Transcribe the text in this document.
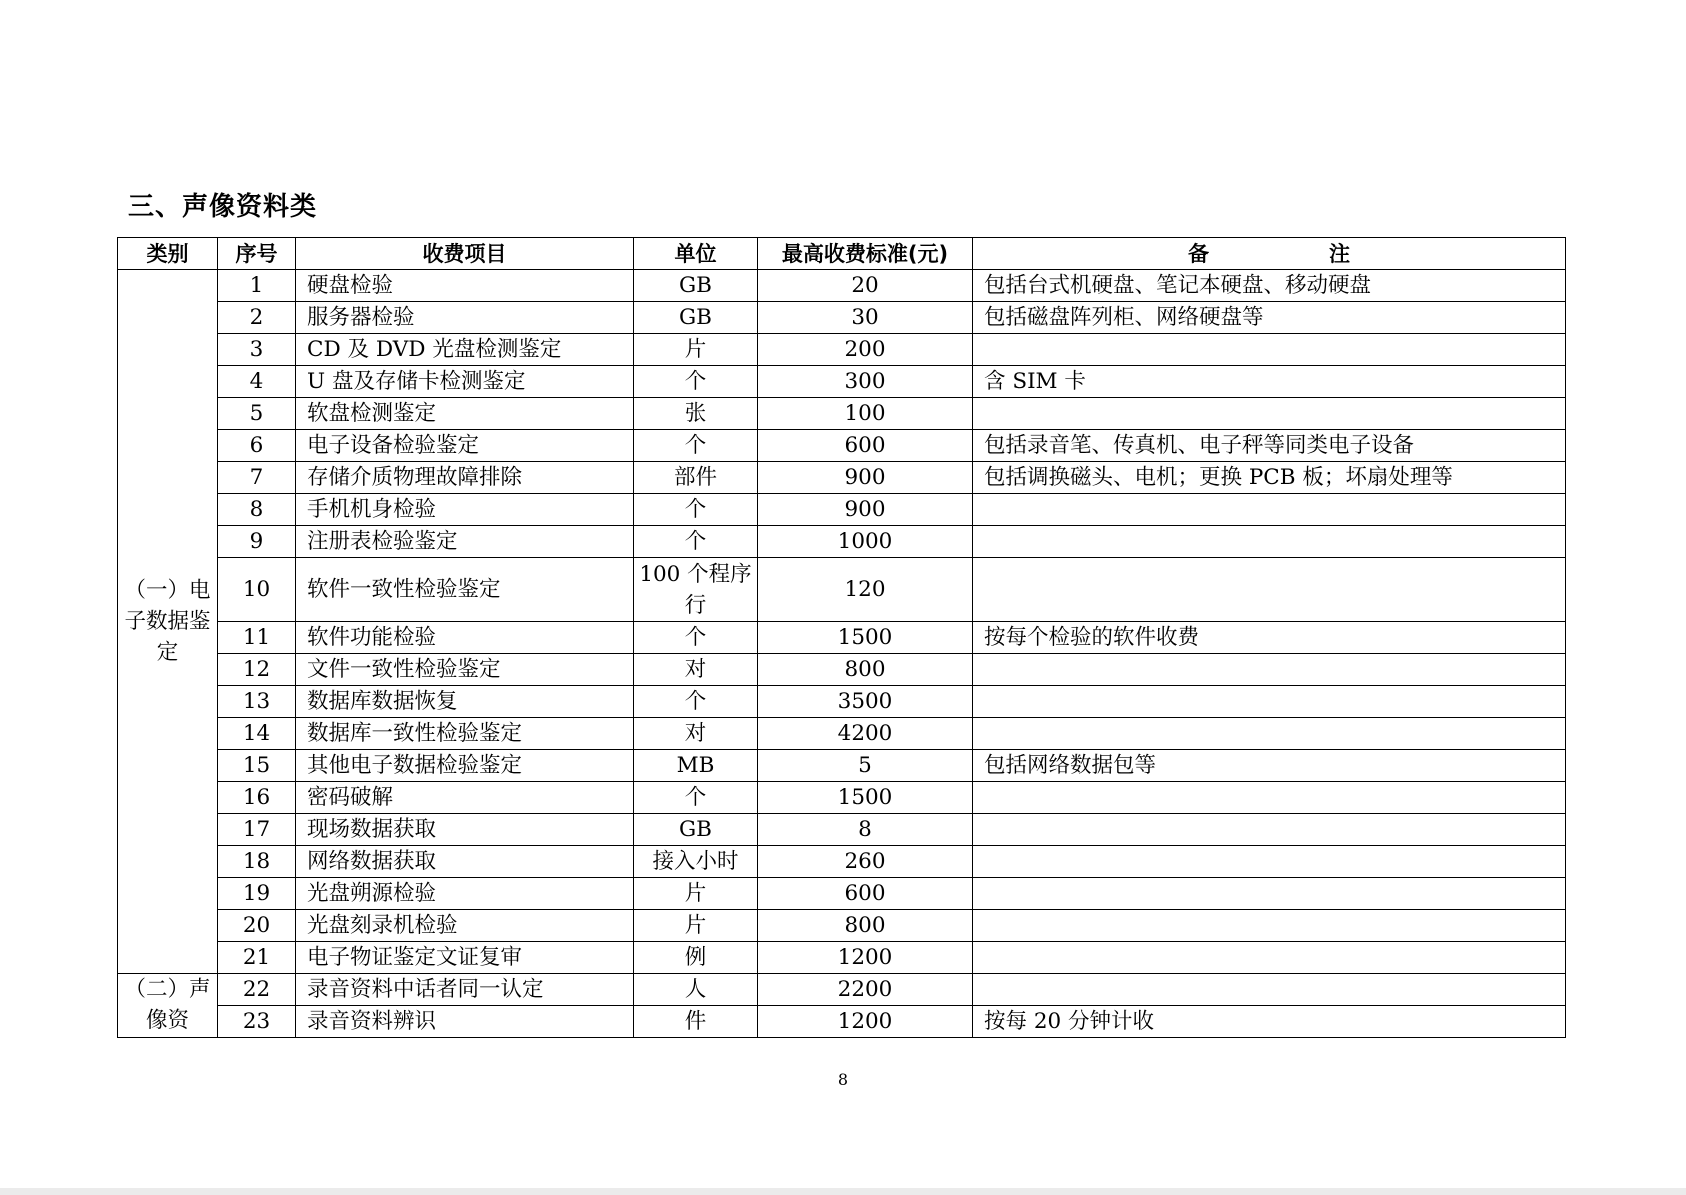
三、声像资料类
类别	序号	收费项目	单位	最高收费标准(元)	备 注
（一）电子数据鉴定	1	硬盘检验	GB	20	包括台式机硬盘、笔记本硬盘、移动硬盘
	2	服务器检验	GB	30	包括磁盘阵列柜、网络硬盘等
	3	CD 及 DVD 光盘检测鉴定	片	200	
	4	U 盘及存储卡检测鉴定	个	300	含 SIM 卡
	5	软盘检测鉴定	张	100	
	6	电子设备检验鉴定	个	600	包括录音笔、传真机、电子秤等同类电子设备
	7	存储介质物理故障排除	部件	900	包括调换磁头、电机；更换 PCB 板；坏扇处理等
	8	手机机身检验	个	900	
	9	注册表检验鉴定	个	1000	
	10	软件一致性检验鉴定	100 个程序行	120	
	11	软件功能检验	个	1500	按每个检验的软件收费
	12	文件一致性检验鉴定	对	800	
	13	数据库数据恢复	个	3500	
	14	数据库一致性检验鉴定	对	4200	
	15	其他电子数据检验鉴定	MB	5	包括网络数据包等
	16	密码破解	个	1500	
	17	现场数据获取	GB	8	
	18	网络数据获取	接入小时	260	
	19	光盘朔源检验	片	600	
	20	光盘刻录机检验	片	800	
	21	电子物证鉴定文证复审	例	1200	
（二）声像资	22	录音资料中话者同一认定	人	2200	
	23	录音资料辨识	件	1200	按每 20 分钟计收
8
